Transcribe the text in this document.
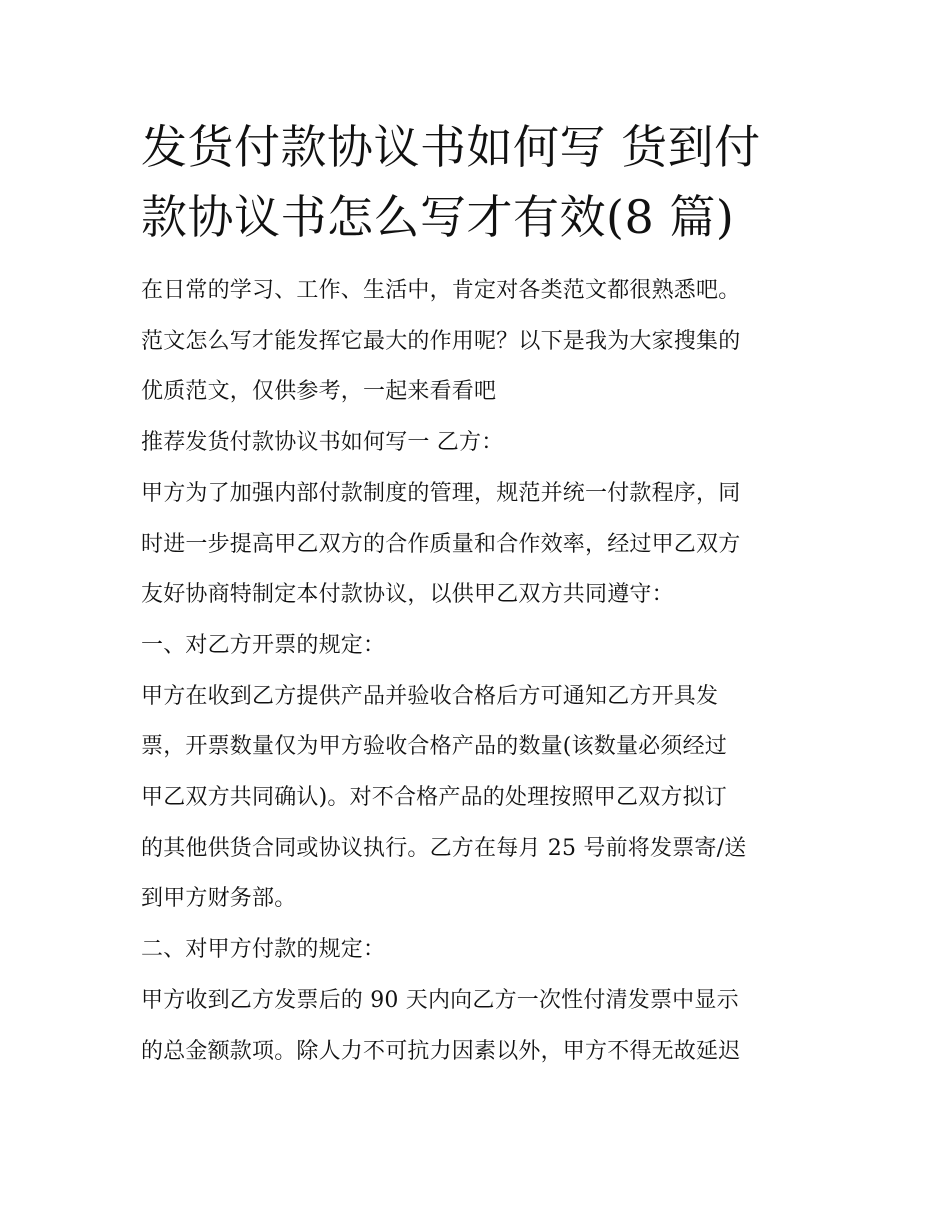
发货付款协议书如何写 货到付
款协议书怎么写才有效(8 篇)

在日常的学习、工作、生活中，肯定对各类范文都很熟悉吧。

范文怎么写才能发挥它最大的作用呢？以下是我为大家搜集的

优质范文，仅供参考，一起来看看吧

推荐发货付款协议书如何写一 乙方：

甲方为了加强内部付款制度的管理，规范并统一付款程序，同

时进一步提高甲乙双方的合作质量和合作效率，经过甲乙双方

友好协商特制定本付款协议，以供甲乙双方共同遵守：

一、对乙方开票的规定：

甲方在收到乙方提供产品并验收合格后方可通知乙方开具发

票，开票数量仅为甲方验收合格产品的数量(该数量必须经过

甲乙双方共同确认)。对不合格产品的处理按照甲乙双方拟订

的其他供货合同或协议执行。乙方在每月 25 号前将发票寄/送

到甲方财务部。

二、对甲方付款的规定：

甲方收到乙方发票后的 90 天内向乙方一次性付清发票中显示

的总金额款项。除人力不可抗力因素以外，甲方不得无故延迟
